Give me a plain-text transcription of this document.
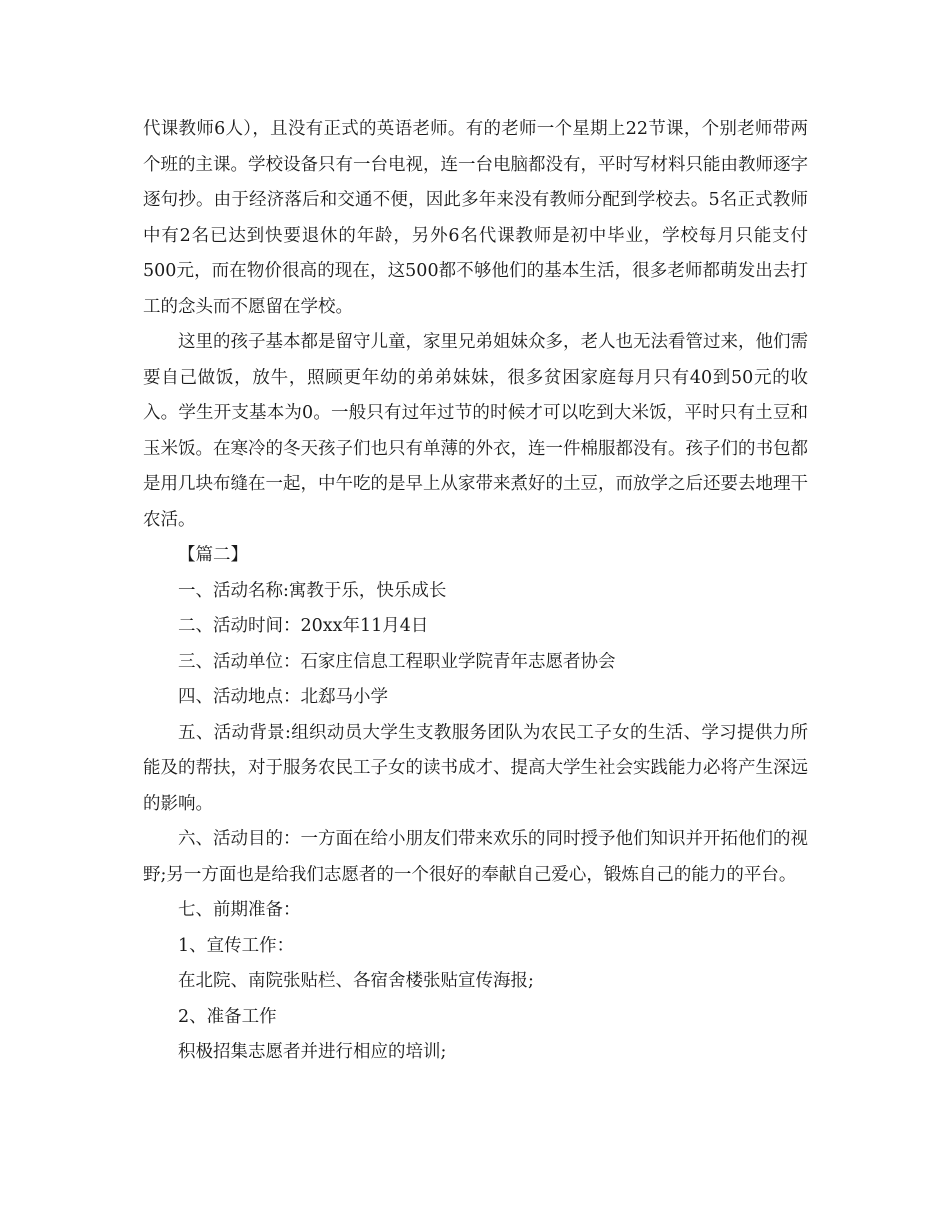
代课教师6人），且没有正式的英语老师。有的老师一个星期上22节课，个别老师带两个班的主课。学校设备只有一台电视，连一台电脑都没有，平时写材料只能由教师逐字逐句抄。由于经济落后和交通不便，因此多年来没有教师分配到学校去。5名正式教师中有2名已达到快要退休的年龄，另外6名代课教师是初中毕业，学校每月只能支付500元，而在物价很高的现在，这500都不够他们的基本生活，很多老师都萌发出去打工的念头而不愿留在学校。

这里的孩子基本都是留守儿童，家里兄弟姐妹众多，老人也无法看管过来，他们需要自己做饭，放牛，照顾更年幼的弟弟妹妹，很多贫困家庭每月只有40到50元的收入。学生开支基本为0。一般只有过年过节的时候才可以吃到大米饭，平时只有土豆和玉米饭。在寒冷的冬天孩子们也只有单薄的外衣，连一件棉服都没有。孩子们的书包都是用几块布缝在一起，中午吃的是早上从家带来煮好的土豆，而放学之后还要去地理干农活。

【篇二】

一、活动名称:寓教于乐，快乐成长

二、活动时间：20xx年11月4日

三、活动单位：石家庄信息工程职业学院青年志愿者协会

四、活动地点：北郄马小学

五、活动背景:组织动员大学生支教服务团队为农民工子女的生活、学习提供力所能及的帮扶，对于服务农民工子女的读书成才、提高大学生社会实践能力必将产生深远的影响。

六、活动目的：一方面在给小朋友们带来欢乐的同时授予他们知识并开拓他们的视野;另一方面也是给我们志愿者的一个很好的奉献自己爱心，锻炼自己的能力的平台。

七、前期准备：

1、宣传工作：

在北院、南院张贴栏、各宿舍楼张贴宣传海报;

2、准备工作

积极招集志愿者并进行相应的培训;
